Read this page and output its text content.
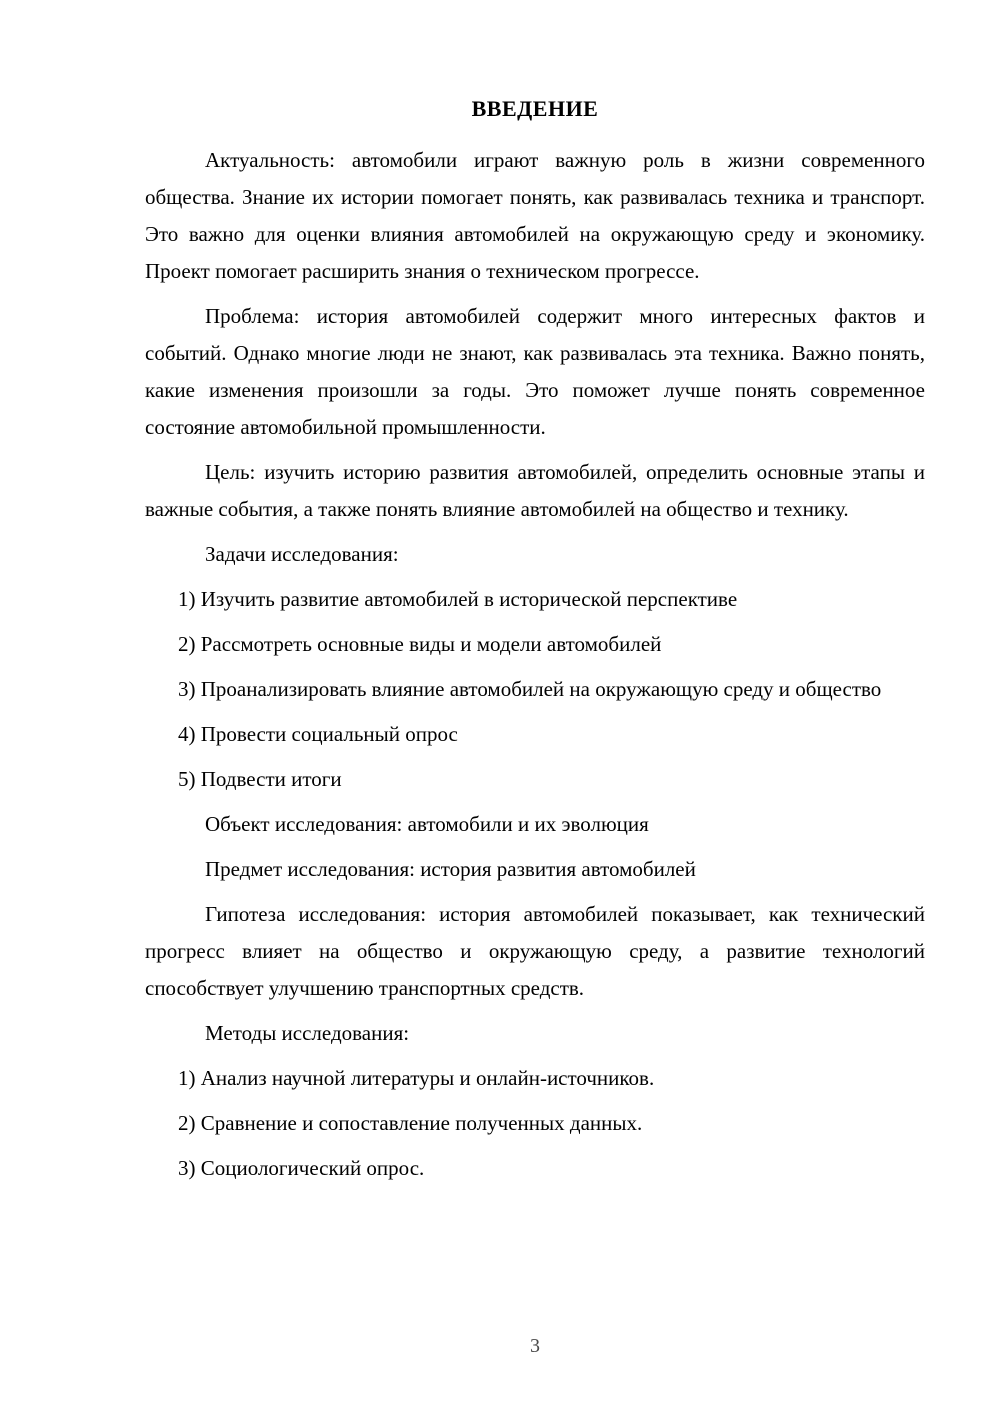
ВВЕДЕНИЕ

Актуальность: автомобили играют важную роль в жизни современного общества. Знание их истории помогает понять, как развивалась техника и транспорт. Это важно для оценки влияния автомобилей на окружающую среду и экономику. Проект помогает расширить знания о техническом прогрессе.

Проблема: история автомобилей содержит много интересных фактов и событий. Однако многие люди не знают, как развивалась эта техника. Важно понять, какие изменения произошли за годы. Это поможет лучше понять современное состояние автомобильной промышленности.

Цель: изучить историю развития автомобилей, определить основные этапы и важные события, а также понять влияние автомобилей на общество и технику.

Задачи исследования:

1) Изучить развитие автомобилей в исторической перспективе

2) Рассмотреть основные виды и модели автомобилей

3) Проанализировать влияние автомобилей на окружающую среду и общество

4) Провести социальный опрос

5) Подвести итоги

Объект исследования: автомобили и их эволюция

Предмет исследования: история развития автомобилей

Гипотеза исследования: история автомобилей показывает, как технический прогресс влияет на общество и окружающую среду, а развитие технологий способствует улучшению транспортных средств.

Методы исследования:

1) Анализ научной литературы и онлайн-источников.

2) Сравнение и сопоставление полученных данных.

3) Социологический опрос.

3
